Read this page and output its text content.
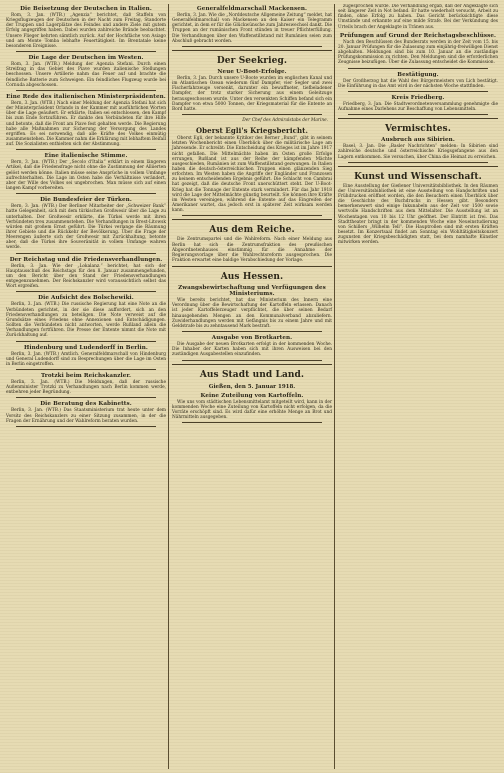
Die Beisetzung der Deutschen in Italien.

Rom, 3. Jan. (WTB.) „Agenzia“ berichtet, daß Staffeln von Kriegsflugzeugen der Deutschen in der Nacht zum Freitag, Standorte der Truppen und Lagerplätze des Feindes und andere Ziele mit gutem Erfolg angegriffen haben. Dabei wurden zahlreiche Brände beobachtet. Unsere Flieger kehrten sämtlich zurück. Auf der Hochfläche von Asiago und am Monte Tomba lebhafte Feuertätigkeit. Im Brentatale keine besonderen Ereignisse.

Die Lage der Deutschen im Westen.

Rom, 3. Jan. (WTB.) Meldung der Agenzia Stefani. Durch einen Streifzug in das Gebiet des Piave wurden italienische Stellungen beschossen. Unsere Artillerie nahm das Feuer auf und brachte die feindliche Batterie zum Schweigen. Ein feindliches Flugzeug wurde bei Cornuda abgeschossen.

Eine Rede des italienischen Ministerpräsidenten.

Bern, 3. Jan. (WTB.) Nach einer Meldung der Agenzia Stefani hat sich der Ministerpräsident Orlando in der Kammer mit ausführlichen Worten über die Lage geäußert. Er erklärte, Italien sei entschlossen, den Kampf bis zum Ende fortzuführen. Er dankte den Verbündeten für ihre Hilfe und betonte, daß die Front am Piave fest gehalten werde. Die Regierung habe alle Maßnahmen zur Sicherung der Versorgung des Landes ergriffen. Es sei notwendig, daß alle Kräfte des Volkes einmütig zusammenstehen. Die Kammer nahm die Erklärung mit lebhaftem Beifall auf. Die Sozialisten enthielten sich der Abstimmung.

Eine italienische Stimme.

Bern, 3. Jan. (WTB.) Der „Secolo d'Italia“ erklärt in einem längeren Artikel, daß die Friedensfrage nicht ohne die Zustimmung der Alliierten gelöst werden könne. Italien müsse seine Ansprüche in vollem Umfange aufrechterhalten. Die Lage im Osten habe die Verhältnisse verändert, aber der Wille des Volkes sei ungebrochen. Man müsse sich auf einen langen Kampf vorbereiten.

Die Bundesfeier der Türken.

Bern, 3. Jan. (WTB.) Der Berliner Mitarbeiter der „Schweizer Bank“ hatte Gelegenheit, sich mit dem türkischen Großwesir über die Lage zu unterhalten. Der Großwesir erklärte, die Türkei werde mit ihren Verbündeten treu zusammenstehen. Die Verhandlungen in Brest-Litowsk würden mit großem Ernst geführt. Die Türkei verlange die Räumung ihrer Gebiete und die Rückkehr der Bevölkerung. Über die Frage der Meerengen äußerte sich der Großwesir mit Zurückhaltung, betonte aber, daß die Türkei ihre Souveränität in vollem Umfange wahren werde.

Der Reichstag und die Friedensverhandlungen.

Berlin, 3. Jan. Wie der „Lokalanz.“ berichtet, hat sich der Hauptausschuß des Reichstags für den 8. Januar zusammengefunden, um den Bericht über den Stand der Friedensverhandlungen entgegenzunehmen. Der Reichskanzler wird voraussichtlich selbst das Wort ergreifen.

Die Aufsicht des Bolschewiki.

Berlin, 3. Jan. (WTB.) Die russische Regierung hat eine Note an die Verbündeten gerichtet, in der sie diese auffordert, sich an den Friedensverhandlungen zu beteiligen. Die Note verweist auf die Grundsätze eines Friedens ohne Annexionen und Entschädigungen. Sollten die Verbündeten nicht antworten, werde Rußland allein die Verhandlungen fortführen. Die Presse der Entente nimmt die Note mit Zurückhaltung auf.

Hindenburg und Ludendorff in Berlin.

Berlin, 3. Jan. (WTB.) Amtlich. Generalfeldmarschall von Hindenburg und General Ludendorff sind zu Besprechungen über die Lage im Osten in Berlin eingetroffen.

Trotzki beim Reichskanzler.

Berlin, 3. Jan. (WTB.) Die Meldungen, daß der russische Außenminister Trotzki zu Verhandlungen nach Berlin kommen werde, entbehren jeder Begründung.

Die Beratung des Kabinetts.

Berlin, 3. Jan. (WTB.) Das Staatsministerium trat heute unter dem Vorsitz des Reichskanzlers zu einer Sitzung zusammen, in der die Fragen der Ernährung und der Wahlreform beraten wurden.

Generalfeldmarschall Mackensen.

Berlin, 3. Jan. Wie die „Norddeutsche Allgemeine Zeitung“ meldet, hat Generalfeldmarschall von Mackensen an den Kaiser ein Telegramm gerichtet, in dem er für die Glückwünsche zum Jahreswechsel dankt. Die Truppen an der rumänischen Front stünden in treuer Pflichterfüllung. Die Verhandlungen über den Waffenstillstand mit Rumänien seien zum Abschluß gebracht worden.

Der Seekrieg.
Neue U-Boot-Erfolge.

Berlin, 3. Jan. Durch unsere U-Boote wurden im englischen Kanal und im Atlantischen Ozean wiederum fünf Dampfer, vier Segler und zwei Fischerfahrzeuge versenkt, darunter ein bewaffneter, tiefbeladener Dampfer, der trotz starker Sicherung aus einem Geleitzuge herausgeschossen wurde. Unter den versenkten Schiffen befand sich ein Dampfer von etwa 5000 Tonnen, der Kriegsmaterial für die Entente an Bord hatte.

Der Chef des Admiralstabs der Marine.
Oberst Egli's Kriegsbericht.

Oberst Egli, der bekannte Kritiker des Berner „Bund“, gibt in seinem letzten Wochenbericht einen Überblick über die militärische Lage am Jahresende. Er schreibt: Die Entscheidung des Krieges ist im Jahre 1917 nicht gefallen. Die Mittelmächte haben im Osten große Erfolge errungen, Rußland ist aus der Reihe der kämpfenden Mächte ausgeschieden, Rumänien ist zum Waffenstillstand gezwungen. In Italien haben die deutsch-österreichischen Truppen einen glänzenden Sieg erfochten. Im Westen haben die Angriffe der Engländer und Franzosen zu keinem entscheidenden Ergebnis geführt. Die Schlacht von Cambrai hat gezeigt, daß die deutsche Front unerschüttert steht. Der U-Boot-Krieg hat die Tonnage der Entente stark vermindert. Für das Jahr 1918 wird die Lage der Mittelmächte günstig beurteilt. Sie können ihre Kräfte im Westen vereinigen, während die Entente auf das Eingreifen der Amerikaner wartet, das jedoch erst in späterer Zeit wirksam werden kann.

Aus dem Reiche.

Die Zentrumspartei und die Wahlreform. Nach einer Meldung aus Berlin hat sich die Zentrumsfraktion des preußischen Abgeordnetenhauses einstimmig für die Annahme der Regierungsvorlage über die Wahlrechtsreform ausgesprochen. Die Fraktion erwartet eine baldige Verabschiedung der Vorlage.

Aus Hessen.
Zwangsbewirtschaftung und Verfügungen des Ministeriums.

Wie bereits berichtet, hat das Ministerium des Innern eine Verordnung über die Bewirtschaftung der Kartoffeln erlassen. Danach ist jeder Kartoffelerzeuger verpflichtet, die über seinen Bedarf hinausgehenden Mengen an den Kommunalverband abzuliefern. Zuwiderhandlungen werden mit Gefängnis bis zu einem Jahre und mit Geldstrafe bis zu zehntausend Mark bestraft.

Ausgabe von Brotkarten.

Die Ausgabe der neuen Brotkarten erfolgt in der kommenden Woche. Die Inhaber der Karten haben sich mit ihren Ausweisen bei den zuständigen Ausgabestellen einzufinden.

Aus Stadt und Land.
Gießen, den 5. Januar 1918.
Keine Zuteilung von Kartoffeln.

Wie uns vom städtischen Lebensmittelamt mitgeteilt wird, kann in der kommenden Woche eine Zuteilung von Kartoffeln nicht erfolgen, da die Vorräte erschöpft sind. Es wird dafür eine erhöhte Menge an Brot und Nährmitteln ausgegeben.

zugesprochen wurde. Die Verhandlung ergab, daß der Angeklagte sich seit längerer Zeit in Not befand. Er hatte wiederholt versucht, Arbeit zu finden, ohne Erfolg zu haben. Das Gericht berücksichtigte diese Umstände und erkannte auf eine milde Strafe. Bei der Verkündung des Urteils brach der Angeklagte in Tränen aus.

Prüfungen auf Grund der Reichstagsbeschlüsse.

Nach den Beschlüssen des Bundesrats werden in der Zeit vom 15. bis 20. Januar Prüfungen für die Zulassung zum einjährig-freiwilligen Dienst abgehalten. Meldungen sind bis zum 10. Januar an die zuständige Prüfungskommission zu richten. Den Meldungen sind die erforderlichen Zeugnisse beizufügen. Über die Zulassung entscheidet die Kommission.

Bestätigung.

Der Großherzog hat die Wahl des Bürgermeisters von Lich bestätigt. Die Einführung in das Amt wird in der nächsten Woche stattfinden.

Kreis Friedberg.

Friedberg, 3. Jan. Die Stadtverordnetenversammlung genehmigte die Aufnahme eines Darlehens zur Beschaffung von Lebensmitteln.

Vermischtes.
Ausbruch aus Sibirien.

Basel, 3. Jan. Die „Basler Nachrichten“ melden: In Sibirien sind zahlreiche deutsche und österreichische Kriegsgefangene aus den Lagern entkommen. Sie versuchen, über China die Heimat zu erreichen.

Kunst und Wissenschaft.

Eine Ausstellung der Gießener Universitätsbibliothek. In den Räumen der Universitätsbibliothek ist eine Ausstellung von Handschriften und Frühdrucken eröffnet worden, die den Besuchern einen Überblick über die Geschichte des Buchdrucks in Hessen gibt. Besonders bemerkenswert sind einige Inkunabeln aus der Zeit vor 1500 sowie wertvolle Handschriften aus dem Mittelalter. Die Ausstellung ist an Wochentagen von 10 bis 12 Uhr geöffnet. Der Eintritt ist frei. Das Stadttheater bringt in der kommenden Woche eine Neueinstudierung von Schillers „Wilhelm Tell“. Die Hauptrollen sind mit ersten Kräften besetzt. Im Konzertsaal findet am Sonntag ein Wohltätigkeitskonzert zugunsten der Kriegsbeschädigten statt, bei dem namhafte Künstler mitwirken werden.
